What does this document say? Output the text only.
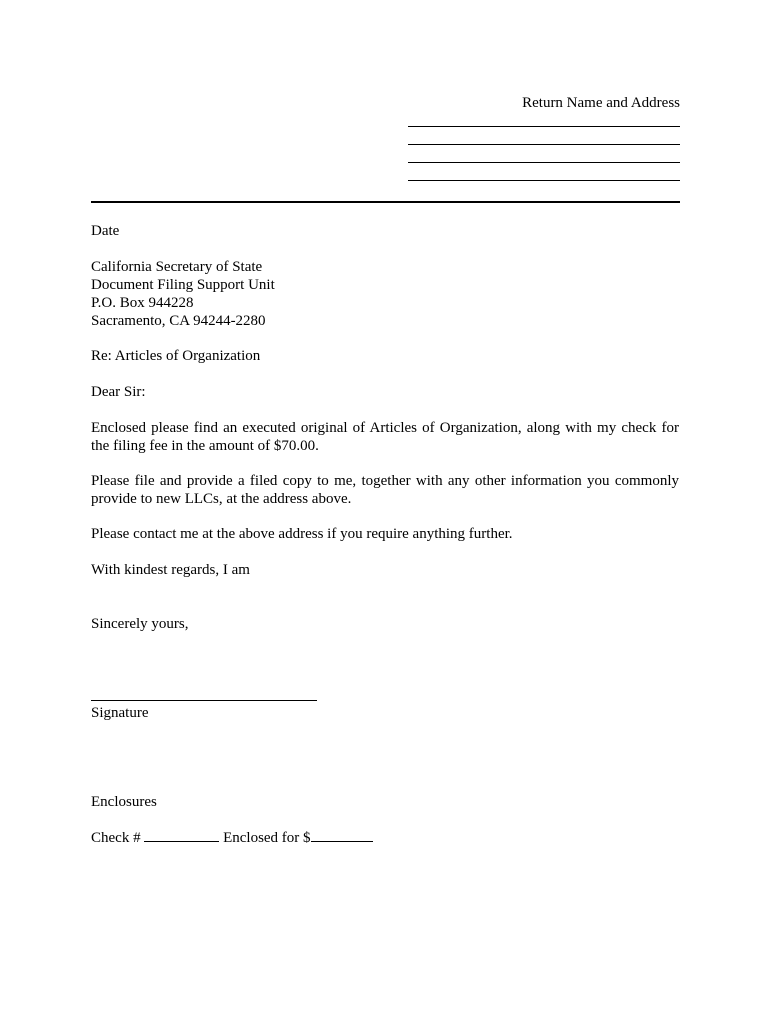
Return Name and Address
Date
California Secretary of State
Document Filing Support Unit
P.O. Box 944228
Sacramento, CA 94244-2280
Re: Articles of Organization
Dear Sir:
Enclosed please find an executed original of Articles of Organization, along with my check for the filing fee in the amount of $70.00.
Please file and provide a filed copy to me, together with any other information you commonly provide to new LLCs, at the address above.
Please contact me at the above address if you require anything further.
With kindest regards, I am
Sincerely yours,
Signature
Enclosures
Check #	Enclosed for $
